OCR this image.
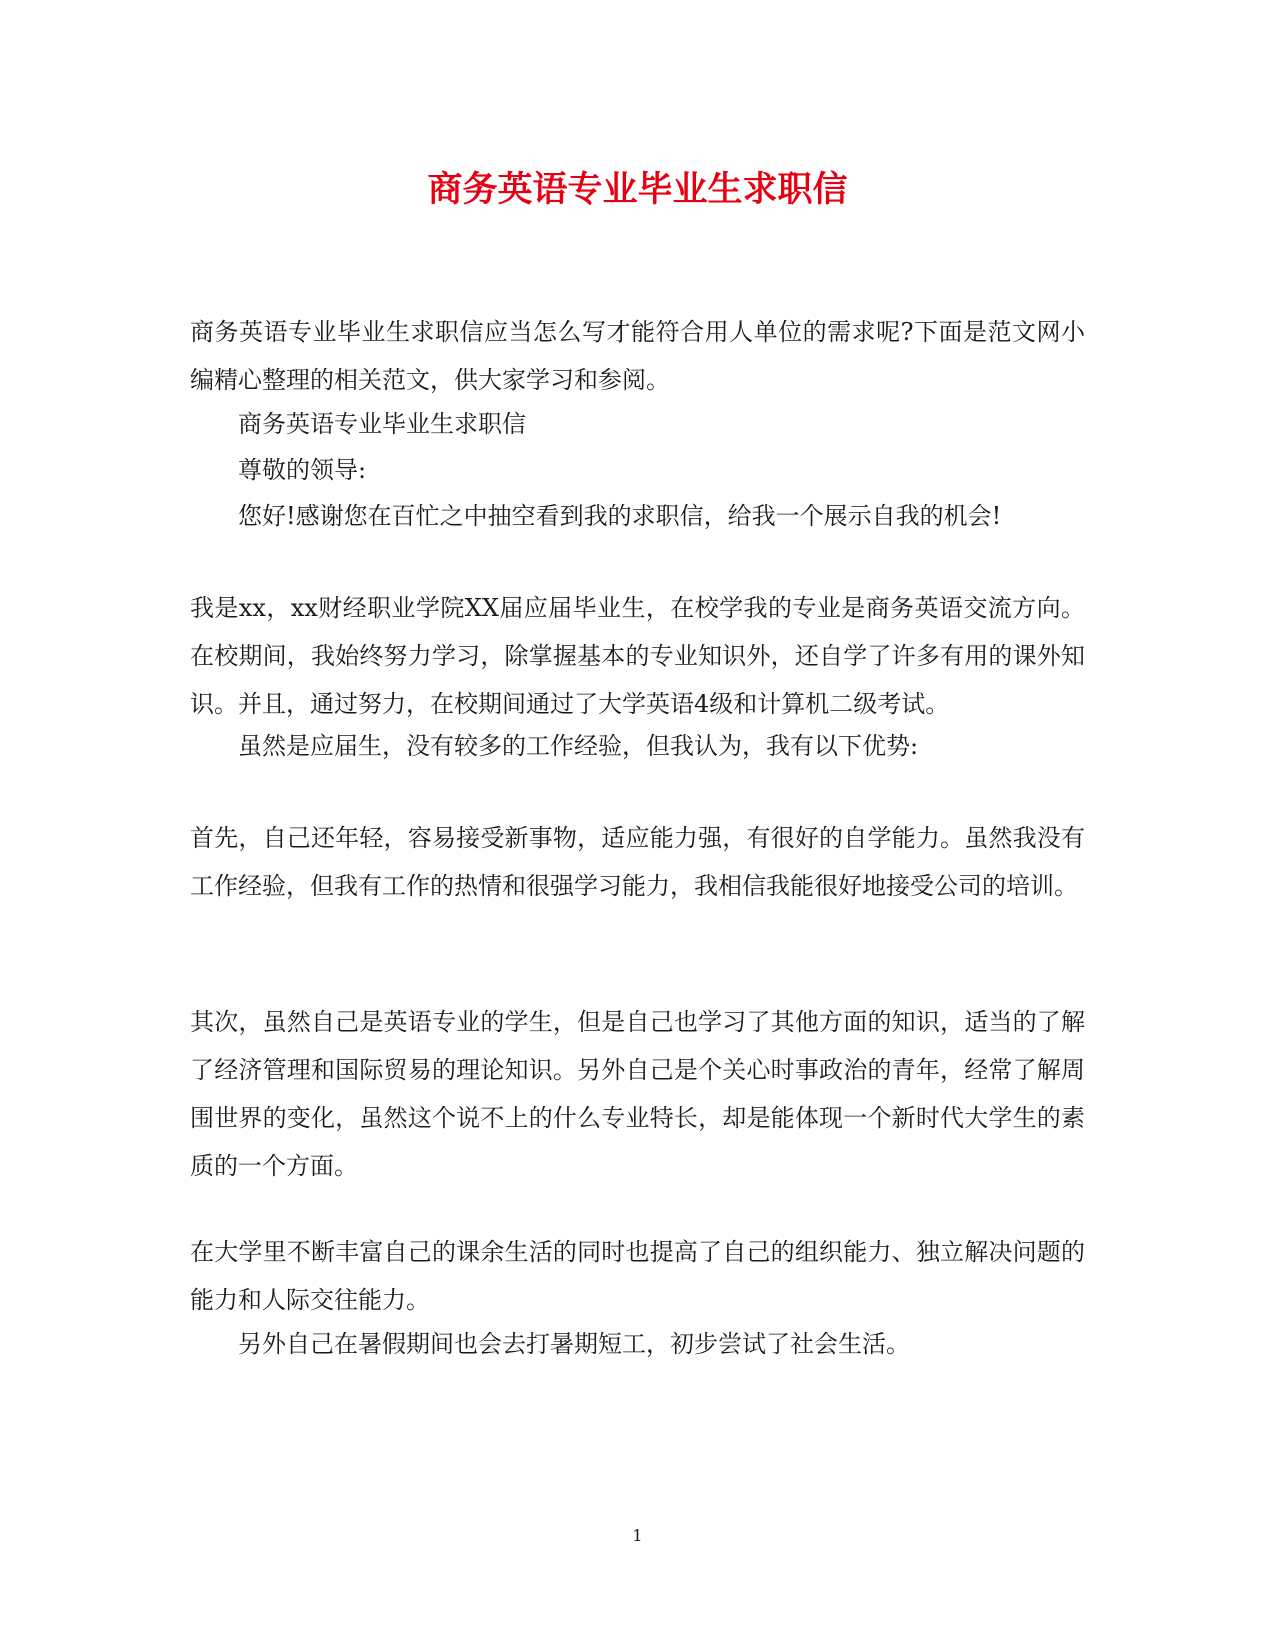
商务英语专业毕业生求职信

商务英语专业毕业生求职信应当怎么写才能符合用人单位的需求呢?下面是范文网小编精心整理的相关范文，供大家学习和参阅。

商务英语专业毕业生求职信

尊敬的领导:

您好!感谢您在百忙之中抽空看到我的求职信，给我一个展示自我的机会!

我是xx，xx财经职业学院XX届应届毕业生，在校学我的专业是商务英语交流方向。在校期间，我始终努力学习，除掌握基本的专业知识外，还自学了许多有用的课外知识。并且，通过努力，在校期间通过了大学英语4级和计算机二级考试。

虽然是应届生，没有较多的工作经验，但我认为，我有以下优势:

首先，自己还年轻，容易接受新事物，适应能力强，有很好的自学能力。虽然我没有工作经验，但我有工作的热情和很强学习能力，我相信我能很好地接受公司的培训。

其次，虽然自己是英语专业的学生，但是自己也学习了其他方面的知识，适当的了解了经济管理和国际贸易的理论知识。另外自己是个关心时事政治的青年，经常了解周围世界的变化，虽然这个说不上的什么专业特长，却是能体现一个新时代大学生的素质的一个方面。

在大学里不断丰富自己的课余生活的同时也提高了自己的组织能力、独立解决问题的能力和人际交往能力。

另外自己在暑假期间也会去打暑期短工，初步尝试了社会生活。

1
